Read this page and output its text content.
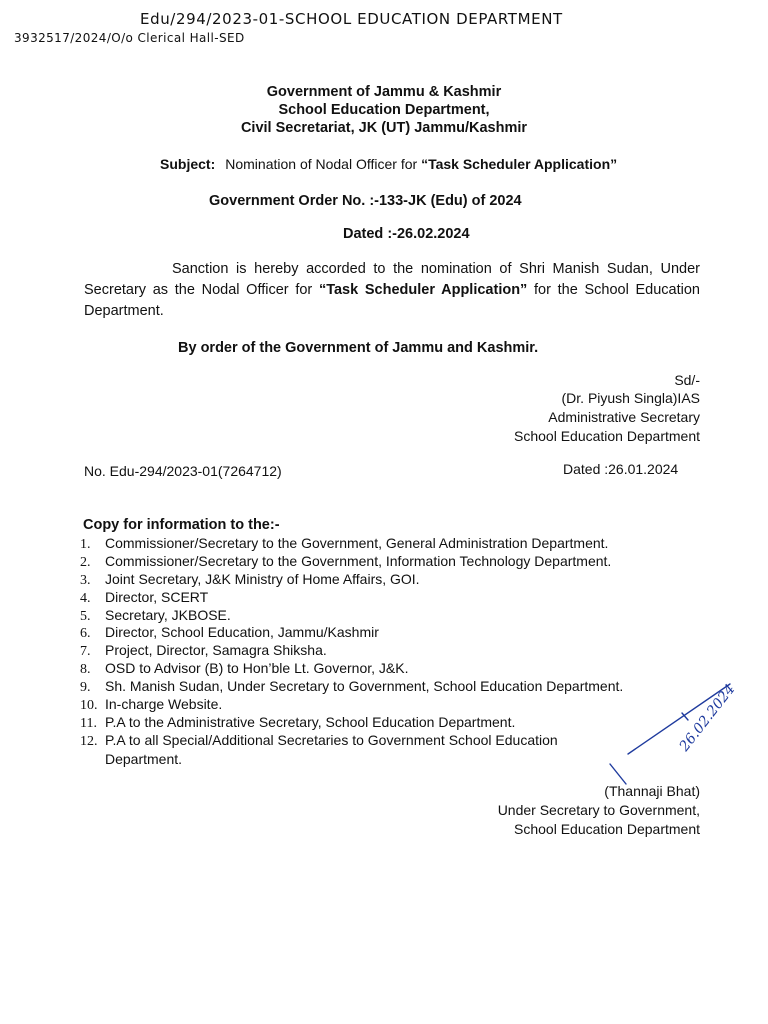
Edu/294/2023-01-SCHOOL EDUCATION DEPARTMENT
3932517/2024/O/o Clerical Hall-SED
Government of Jammu & Kashmir
School Education Department,
Civil Secretariat, JK (UT) Jammu/Kashmir
Subject: Nomination of Nodal Officer for “Task Scheduler Application”
Government Order No. :-133-JK (Edu) of 2024
Dated :-26.02.2024
Sanction is hereby accorded to the nomination of Shri Manish Sudan, Under Secretary as the Nodal Officer for “Task Scheduler Application” for the School Education Department.
By order of the Government of Jammu and Kashmir.
Sd/-
(Dr. Piyush Singla)IAS
Administrative Secretary
School Education Department
No. Edu-294/2023-01(7264712)	Dated :26.01.2024
Copy for information to the:-
1. Commissioner/Secretary to the Government, General Administration Department.
2. Commissioner/Secretary to the Government, Information Technology Department.
3. Joint Secretary, J&K Ministry of Home Affairs, GOI.
4. Director, SCERT
5. Secretary, JKBOSE.
6. Director, School Education, Jammu/Kashmir
7. Project, Director, Samagra Shiksha.
8. OSD to Advisor (B) to Hon’ble Lt. Governor, J&K.
9. Sh. Manish Sudan, Under Secretary to Government, School Education Department.
10. In-charge Website.
11. P.A to the Administrative Secretary, School Education Department.
12. P.A to all Special/Additional Secretaries to Government School Education
Department.
26.02.2024
(Thannaji Bhat)
Under Secretary to Government,
School Education Department
